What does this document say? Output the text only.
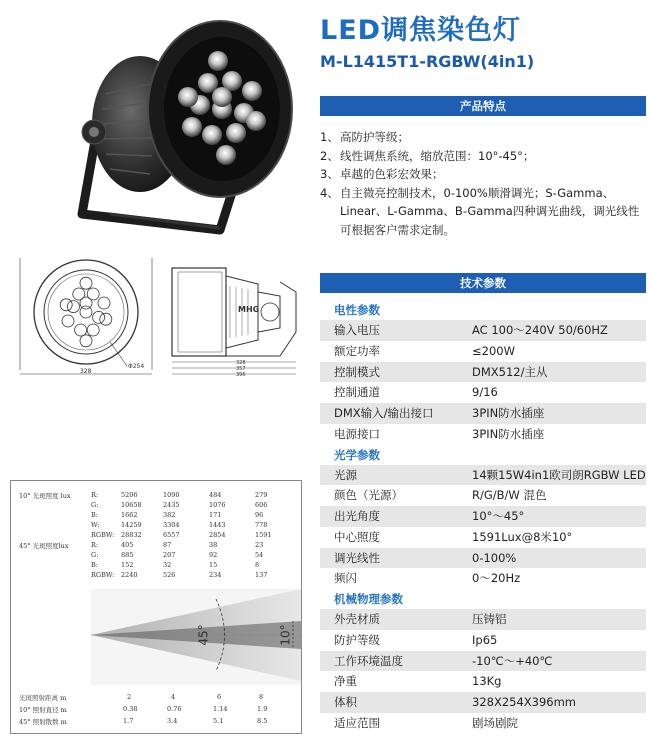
LED调焦染色灯
M-L1415T1-RGBW(4in1)
Φ254
328
MHG
328
357
396
产品特点
1、 高防护等级；
2、 线性调焦系统，缩放范围：10°-45°；
3、 卓越的色彩宏效果；
4、 自主微亮控制技术，0-100%顺滑调光；S-Gamma、Linear、L-Gamma、B-Gamma四种调光曲线，调光线性可根据客户需求定制。
技术参数
电性参数
输入电压	AC 100～240V 50/60HZ
额定功率	≤200W
控制模式	DMX512/主从
控制通道	9/16
DMX输入/输出接口	3PIN防水插座
电源接口	3PIN防水插座
光学参数
光源	14颗15W4in1欧司朗RGBW LED
颜色（光源）	R/G/B/W 混色
出光角度	10°～45°
中心照度	1591Lux@8米10°
调光线性	0-100%
频闪	0～20Hz
机械物理参数
外壳材质	压铸铝
防护等级	Ip65
工作环境温度	-10℃～+40℃
净重	13Kg
体积	328X254X396mm
适应范围	剧场剧院
10° 光斑照度 lux	R:	5206	1090	484	279
G:	10658	2435	1076	606
B:	1662	382	171	96
W:	14259	3304	1443	778
RGBW: 28832	6557	2854	1591
45° 光斑照度lux	R:	405	87	38	23
G:	885	207	92	54
B:	152	32	15	8
RGBW: 2240	526	234	137
45°	10°
光斑照射距离 m	2	4	6	8
10° 照射直径 m	0.38	0.76	1.14	1.9
45° 照射散数 m	1.7	3.4	5.1	8.5
